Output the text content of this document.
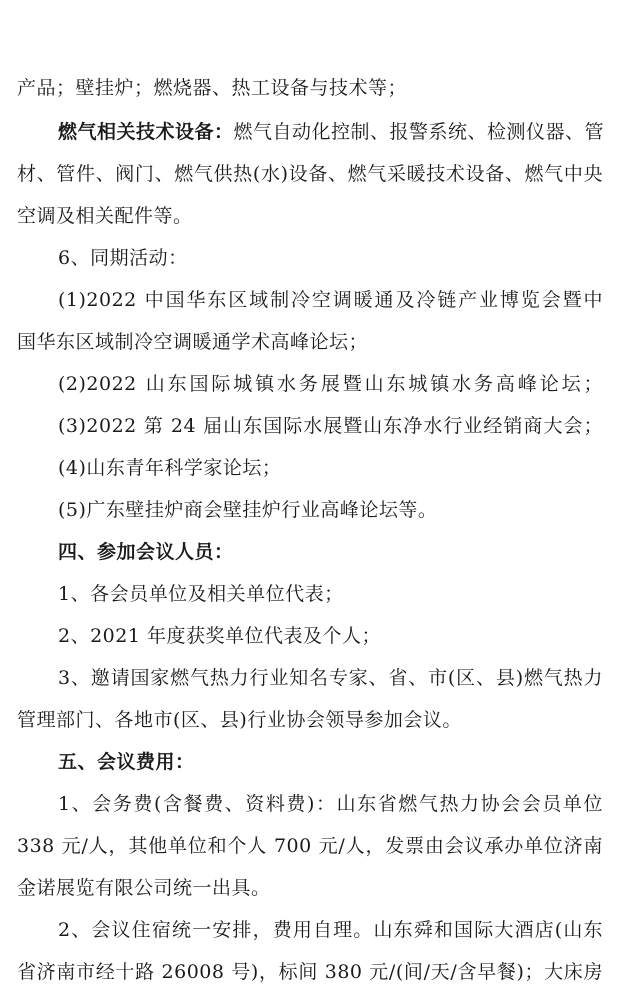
产品；壁挂炉；燃烧器、热工设备与技术等；
燃气相关技术设备：燃气自动化控制、报警系统、检测仪器、管
材、管件、阀门、燃气供热(水)设备、燃气采暖技术设备、燃气中央
空调及相关配件等。
6、同期活动：
(1)2022 中国华东区域制冷空调暖通及冷链产业博览会暨中
国华东区域制冷空调暖通学术高峰论坛；
(2)2022 山东国际城镇水务展暨山东城镇水务高峰论坛；
(3)2022 第 24 届山东国际水展暨山东净水行业经销商大会；
(4)山东青年科学家论坛；
(5)广东壁挂炉商会壁挂炉行业高峰论坛等。
四、参加会议人员：
1、各会员单位及相关单位代表；
2、2021 年度获奖单位代表及个人；
3、邀请国家燃气热力行业知名专家、省、市(区、县)燃气热力
管理部门、各地市(区、县)行业协会领导参加会议。
五、会议费用：
1、会务费(含餐费、资料费)：山东省燃气热力协会会员单位
338 元/人，其他单位和个人 700 元/人，发票由会议承办单位济南
金诺展览有限公司统一出具。
2、会议住宿统一安排，费用自理。山东舜和国际大酒店(山东
省济南市经十路 26008 号)，标间 380 元/(间/天/含早餐)；大床房
